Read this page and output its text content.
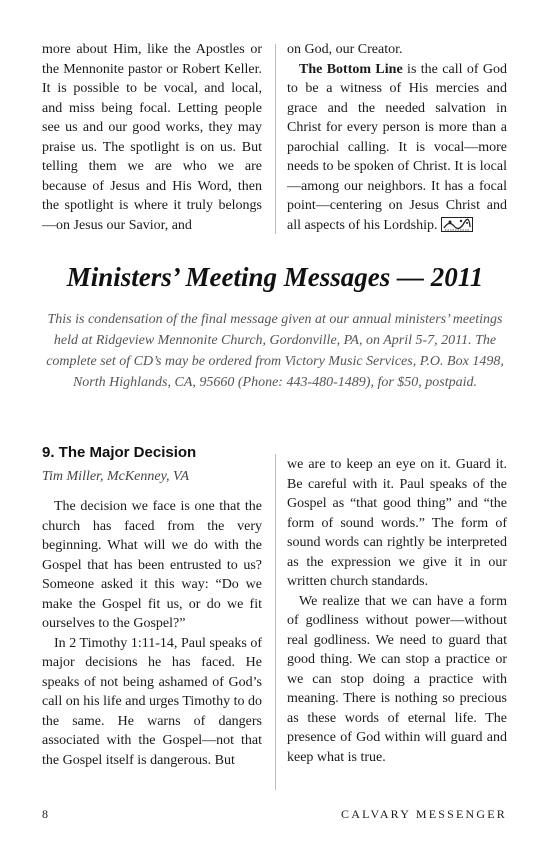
more about Him, like the Apostles or the Mennonite pastor or Robert Keller. It is possible to be vocal, and local, and miss being focal. Letting people see us and our good works, they may praise us. The spotlight is on us. But telling them we are who we are because of Jesus and His Word, then the spotlight is where it truly belongs—on Jesus our Savior, and

on God, our Creator.

The Bottom Line is the call of God to be a witness of His mercies and grace and the needed salvation in Christ for every person is more than a parochial calling. It is vocal—more needs to be spoken of Christ. It is local—among our neighbors. It has a focal point—centering on Jesus Christ and all aspects of his Lordship.

Ministers’ Meeting Messages — 2011
This is condensation of the final message given at our annual ministers’ meetings held at Ridgeview Mennonite Church, Gordonville, PA, on April 5-7, 2011. The complete set of CD’s may be ordered from Victory Music Services, P.O. Box 1498, North Highlands, CA, 95660 (Phone: 443-480-1489), for $50, postpaid.
9. The Major Decision
Tim Miller, McKenney, VA

The decision we face is one that the church has faced from the very beginning. What will we do with the Gospel that has been entrusted to us? Someone asked it this way: “Do we make the Gospel fit us, or do we fit ourselves to the Gospel?”

In 2 Timothy 1:11-14, Paul speaks of major decisions he has faced. He speaks of not being ashamed of God’s call on his life and urges Timothy to do the same. He warns of dangers associated with the Gospel—not that the Gospel itself is dangerous. But

we are to keep an eye on it. Guard it. Be careful with it. Paul speaks of the Gospel as “that good thing” and “the form of sound words.” The form of sound words can rightly be interpreted as the expression we give it in our written church standards.

We realize that we can have a form of godliness without power—without real godliness. We need to guard that good thing. We can stop a practice or we can stop doing a practice with meaning. There is nothing so precious as these words of eternal life. The presence of God within will guard and keep what is true.

8	CALVARY MESSENGER
